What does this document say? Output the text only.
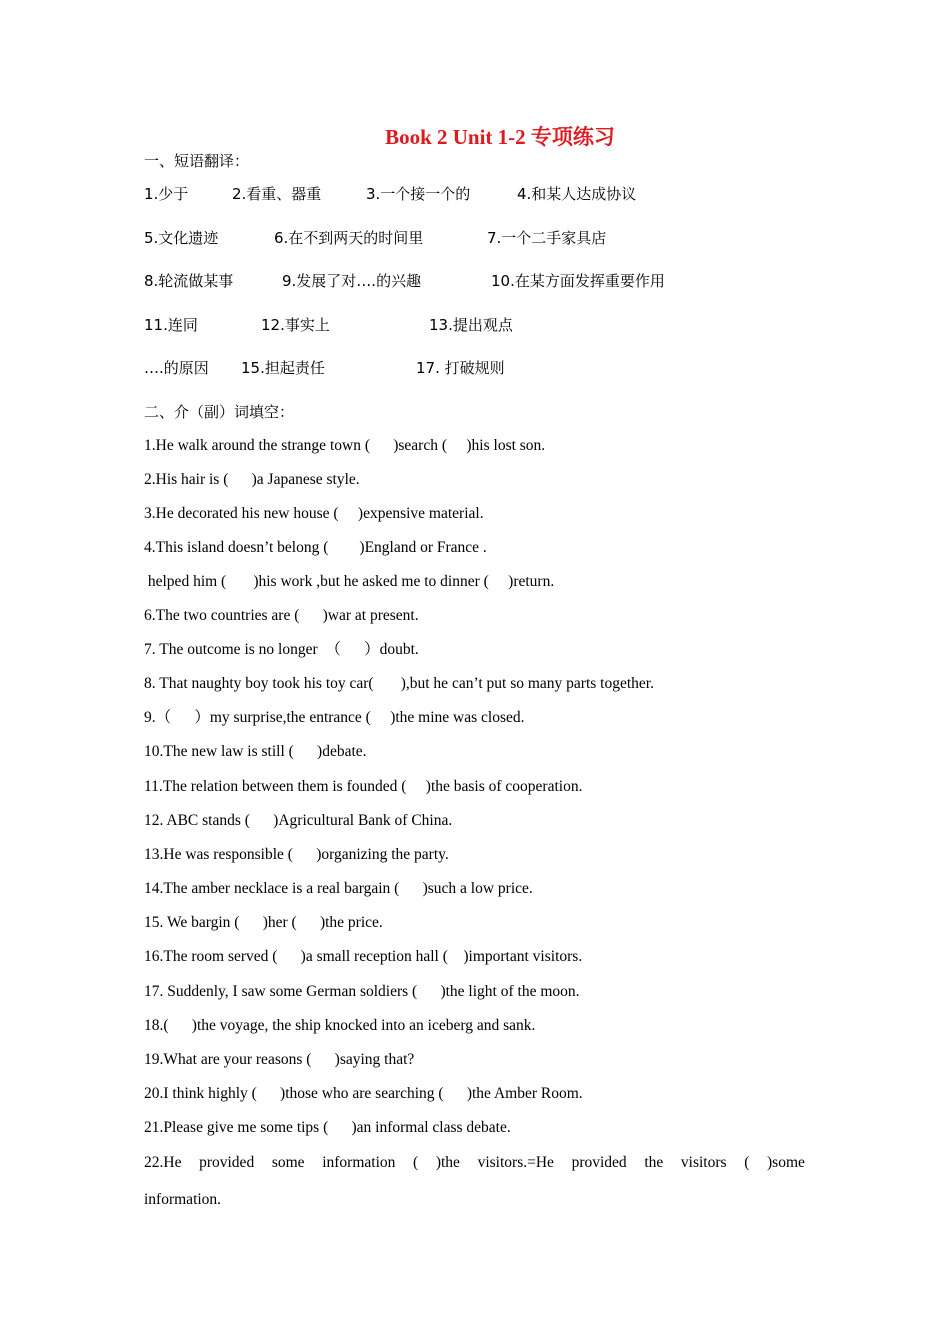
Book 2 Unit 1-2 专项练习
一、短语翻译：
1.少于	2.看重、器重	3.一个接一个的	4.和某人达成协议
5.文化遗迹	6.在不到两天的时间里	7.一个二手家具店
8.轮流做某事	9.发展了对….的兴趣	10.在某方面发挥重要作用
11.连同	12.事实上	13.提出观点
….的原因 15.担起责任	17. 打破规则
二、介（副）词填空：
1.He walk around the strange town (      )search (     )his lost son.
2.His hair is (      )a Japanese style.
3.He decorated his new house (     )expensive material.
4.This island doesn’t belong (        )England or France .
helped him (       )his work ,but he asked me to dinner (     )return.
6.The two countries are (      )war at present.
7. The outcome is no longer  （      ）doubt.
8. That naughty boy took his toy car(       ),but he can’t put so many parts together.
9.（      ）my surprise,the entrance (     )the mine was closed.
10.The new law is still (      )debate.
11.The relation between them is founded (     )the basis of cooperation.
12. ABC stands (      )Agricultural Bank of China.
13.He was responsible (      )organizing the party.
14.The amber necklace is a real bargain (      )such a low price.
15. We bargin (      )her (      )the price.
16.The room served (      )a small reception hall (    )important visitors.
17. Suddenly, I saw some German soldiers (      )the light of the moon.
18.(      )the voyage, the ship knocked into an iceberg and sank.
19.What are your reasons (      )saying that?
20.I think highly (      )those who are searching (      )the Amber Room.
21.Please give me some tips (      )an informal class debate.
22.He provided some information ( )the visitors.=He provided the visitors ( )some
information.
